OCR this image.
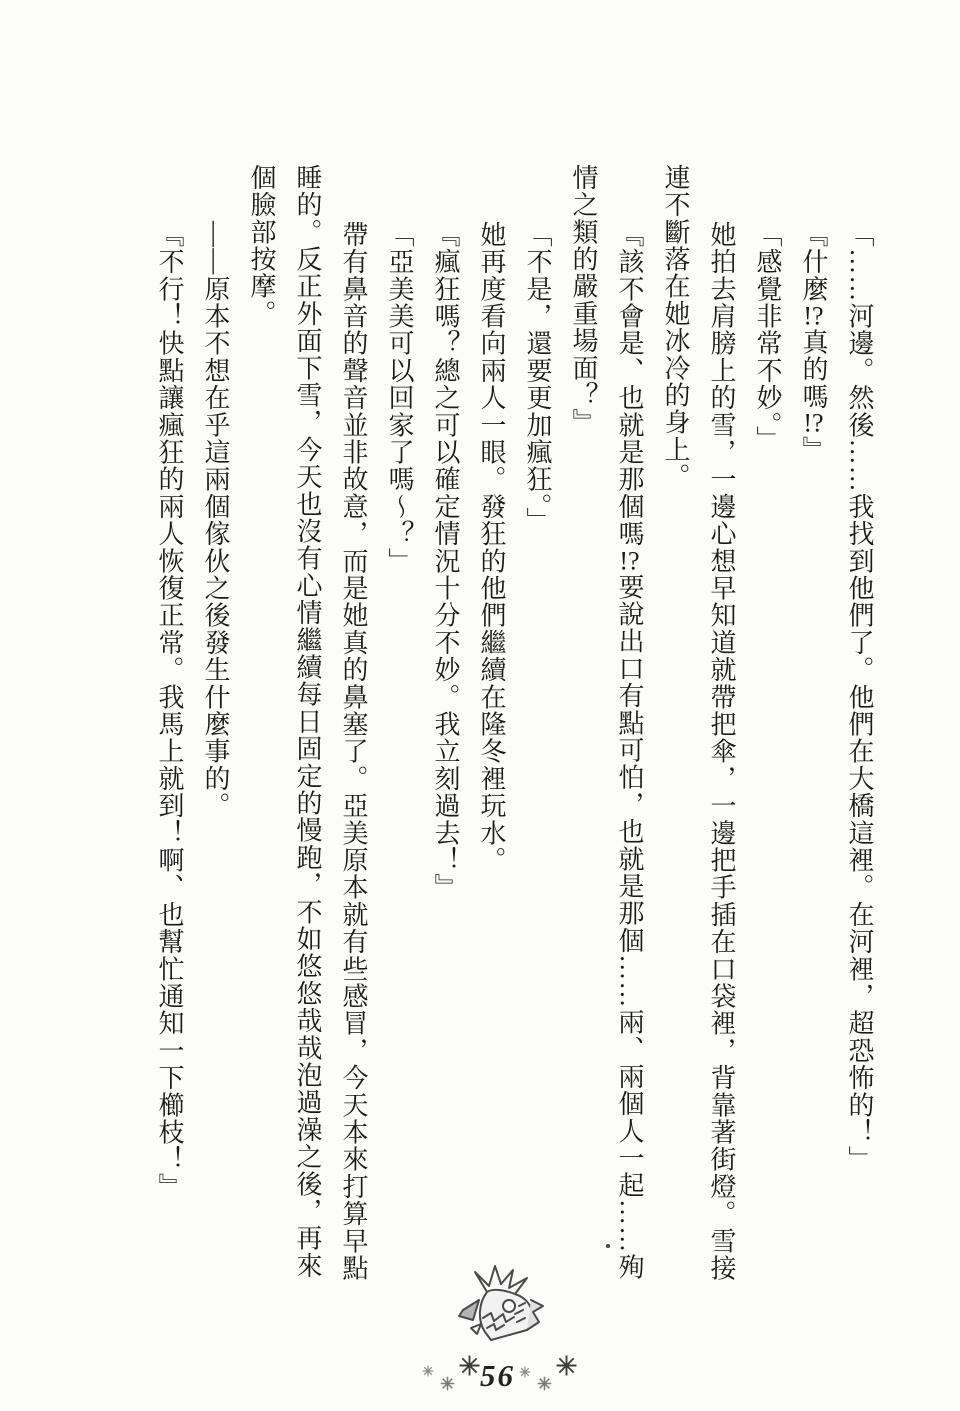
「……河邊。然後……我找到他們了。他們在大橋這裡。在河裡，超恐怖的！」

『什麼!?真的嗎!?』

「感覺非常不妙。」

她拍去肩膀上的雪，一邊心想早知道就帶把傘，一邊把手插在口袋裡，背靠著街燈。雪接連不斷落在她冰冷的身上。

『該不會是、也就是那個嗎!?要說出口有點可怕，也就是那個……兩、兩個人一起……殉情之類的嚴重場面？』

「不是，還要更加瘋狂。」

她再度看向兩人一眼。發狂的他們繼續在隆冬裡玩水。

『瘋狂嗎？總之可以確定情況十分不妙。我立刻過去！』

「亞美美可以回家了嗎～？」

帶有鼻音的聲音並非故意，而是她真的鼻塞了。亞美原本就有些感冒，今天本來打算早點睡的。反正外面下雪，今天也沒有心情繼續每日固定的慢跑，不如悠悠哉哉泡過澡之後，再來個臉部按摩。

——原本不想在乎這兩個傢伙之後發生什麼事的。

『不行！快點讓瘋狂的兩人恢復正常。我馬上就到！啊、也幫忙通知一下櫛枝！』

56
